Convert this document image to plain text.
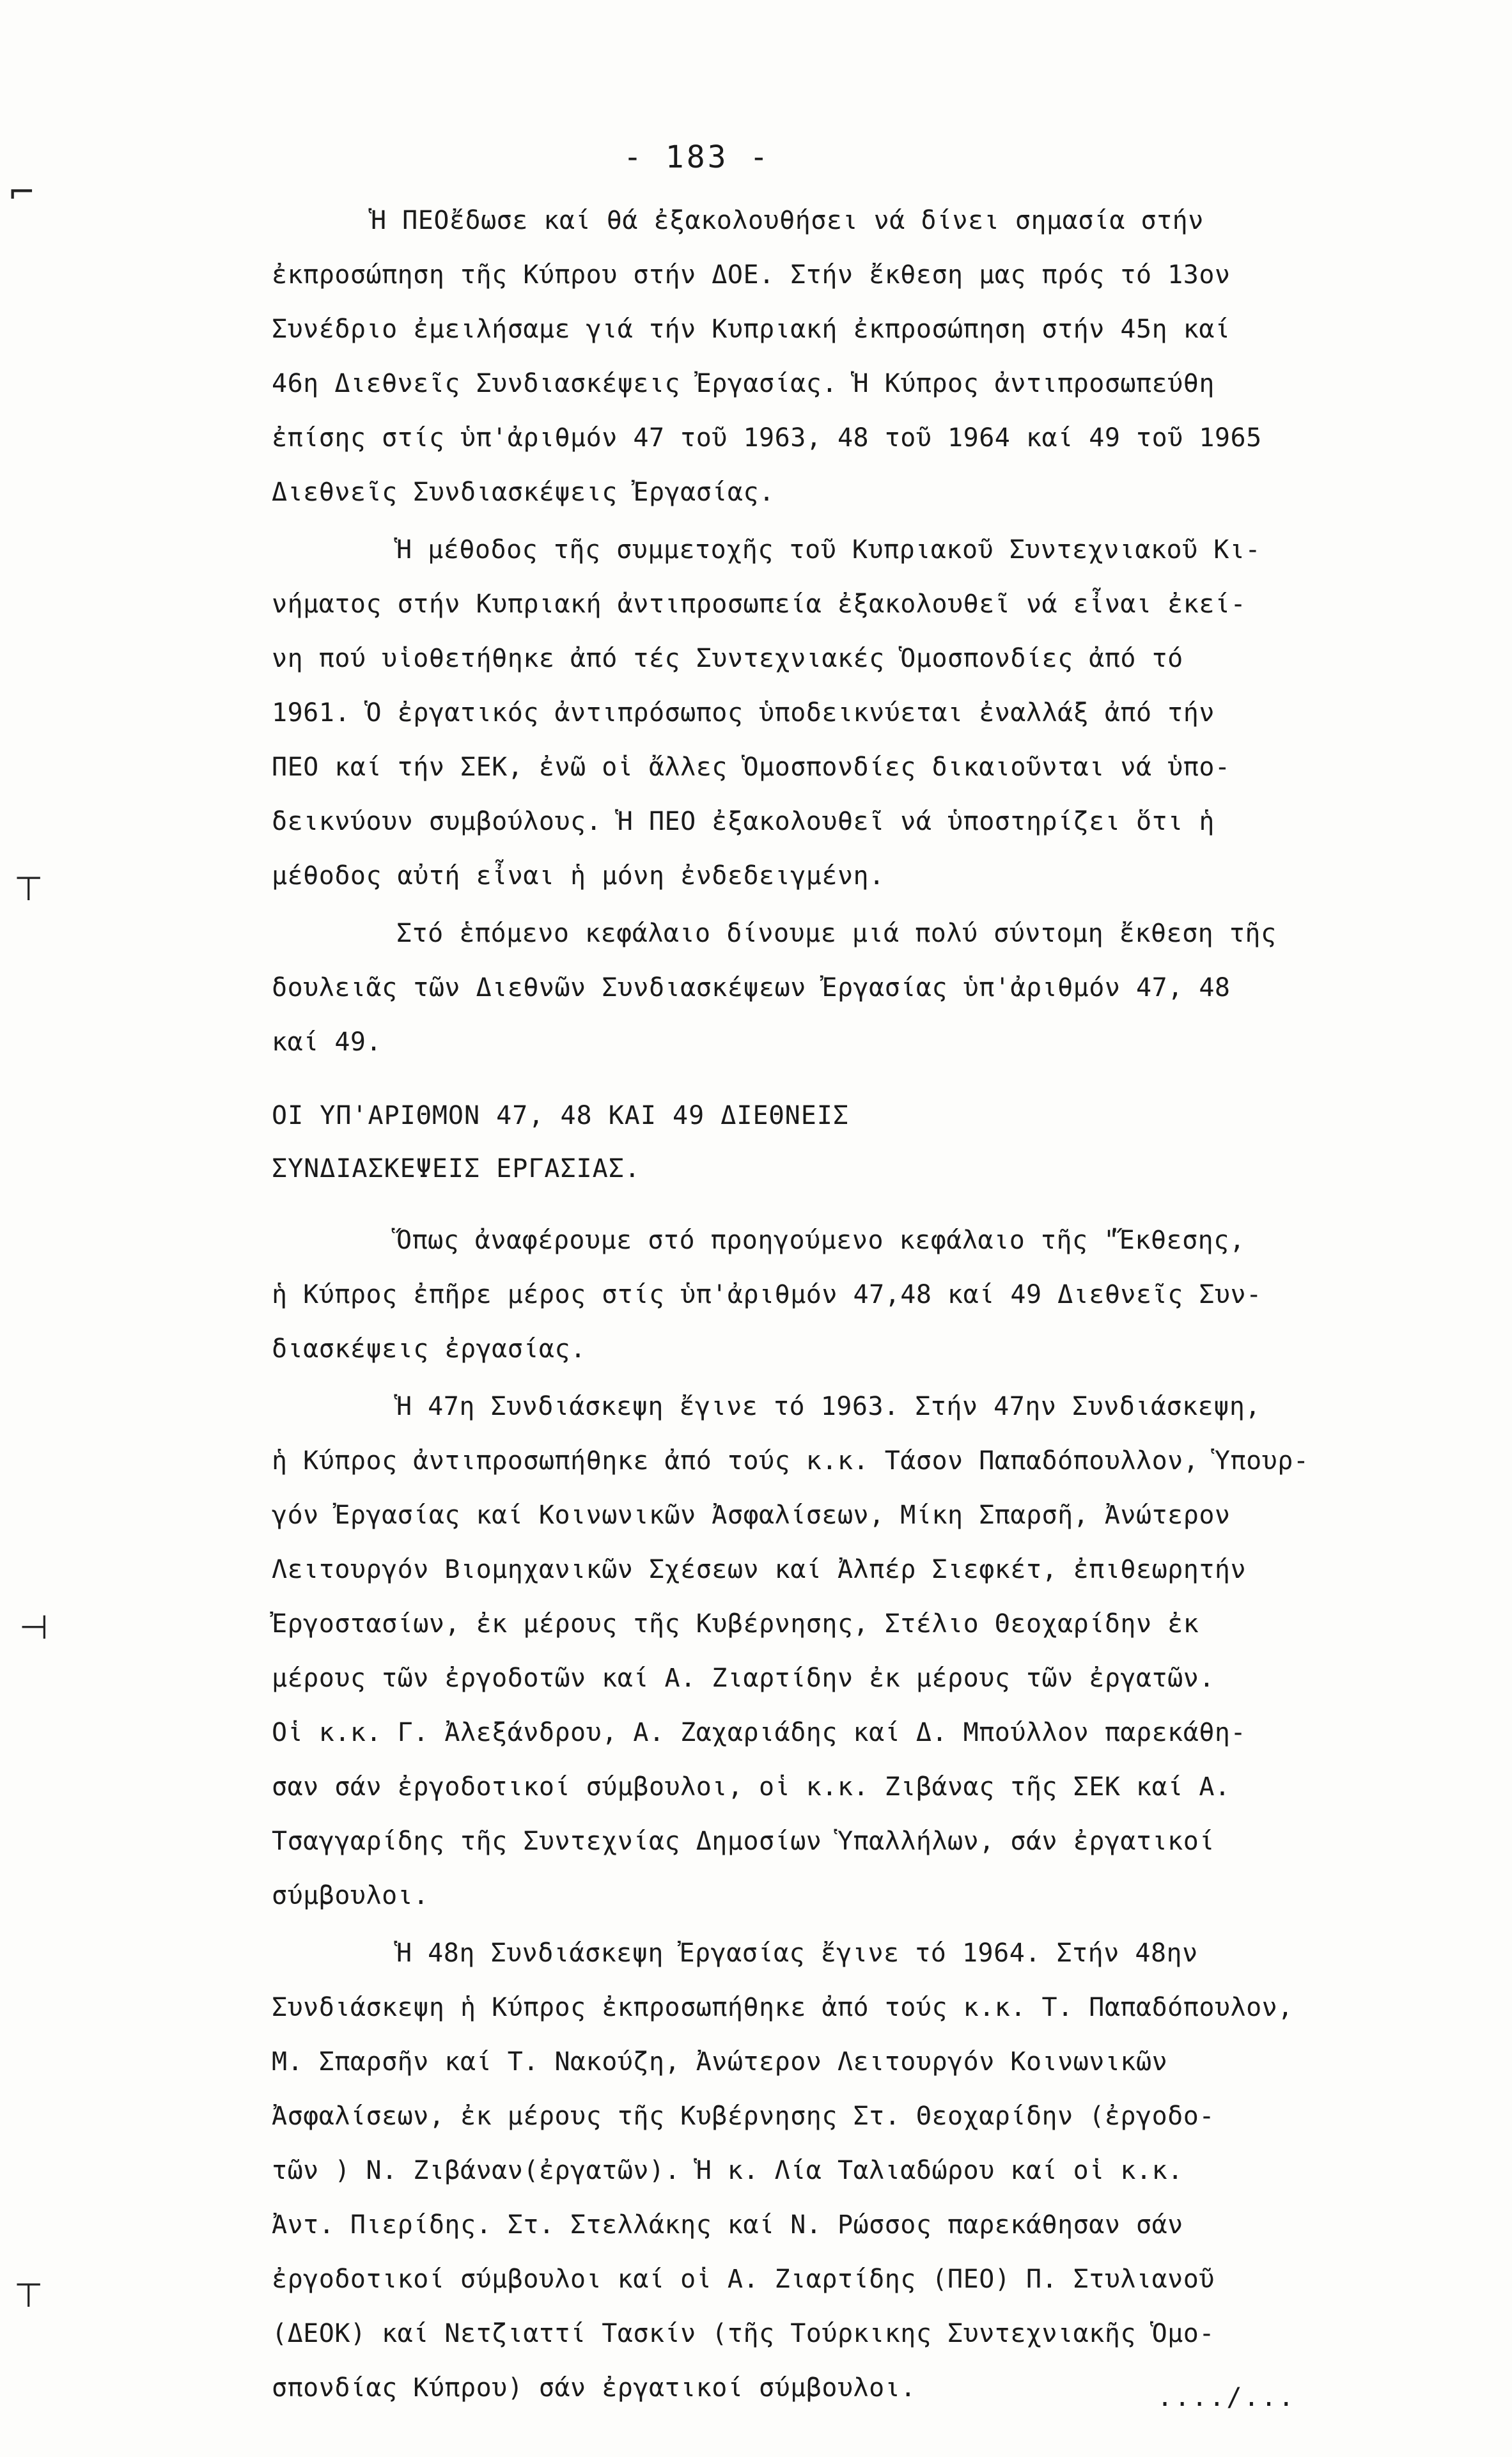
- 183 -

Ἡ ΠΕΟἔδωσε καί θά ἐξακολουθήσει νά δίνει σημασία στήν

ἐκπροσώπηση τῆς Κύπρου στήν ΔΟΕ. Στήν ἔκθεση μας πρός τό 13ον

Συνέδριο ἐμειλήσαμε γιά τήν Κυπριακή ἐκπροσώπηση στήν 45η καί

46η Διεθνεῖς Συνδιασκέψεις Ἐργασίας. Ἡ Κύπρος ἀντιπροσωπεύθη

ἐπίσης στίς ὑπ'ἀριθμόν 47 τοῦ 1963, 48 τοῦ 1964 καί 49 τοῦ 1965

Διεθνεῖς Συνδιασκέψεις Ἐργασίας.

Ἡ μέθοδος τῆς συμμετοχῆς τοῦ Κυπριακοῦ Συντεχνιακοῦ Κι-

νήματος στήν Κυπριακή ἀντιπροσωπεία ἐξακολουθεῖ νά εἶναι ἐκεί-

νη πού υἱοθετήθηκε ἀπό τές Συντεχνιακές Ὁμοσπονδίες ἀπό τό

1961. Ὁ ἐργατικός ἀντιπρόσωπος ὑποδεικνύεται ἐναλλάξ ἀπό τήν

ΠΕΟ καί τήν ΣΕΚ, ἐνῶ οἱ ἄλλες Ὁμοσπονδίες δικαιοῦνται νά ὑπο-

δεικνύουν συμβούλους. Ἡ ΠΕΟ ἐξακολουθεῖ νά ὑποστηρίζει ὅτι ἡ

μέθοδος αὐτή εἶναι ἡ μόνη ἐνδεδειγμένη.

Στό ἑπόμενο κεφάλαιο δίνουμε μιά πολύ σύντομη ἔκθεση τῆς

δουλειᾶς τῶν Διεθνῶν Συνδιασκέψεων Ἐργασίας ὑπ'ἀριθμόν 47, 48

καί 49.

ΟΙ ΥΠ'ΑΡΙΘΜΟΝ 47, 48 ΚΑΙ 49 ΔΙΕΘΝΕΙΣ

ΣΥΝΔΙΑΣΚΕΨΕΙΣ ΕΡΓΑΣΙΑΣ.

Ὅπως ἀναφέρουμε στό προηγούμενο κεφάλαιο τῆς "Ἔκθεσης,

ἡ Κύπρος ἐπῆρε μέρος στίς ὑπ'ἀριθμόν 47,48 καί 49 Διεθνεῖς Συν-

διασκέψεις ἐργασίας.

Ἡ 47η Συνδιάσκεψη ἔγινε τό 1963. Στήν 47ην Συνδιάσκεψη,

ἡ Κύπρος ἀντιπροσωπήθηκε ἀπό τούς κ.κ. Τάσον Παπαδόπουλλον, Ὑπουρ-

γόν Ἐργασίας καί Κοινωνικῶν Ἀσφαλίσεων, Μίκη Σπαρσῆ, Ἀνώτερον

Λειτουργόν Βιομηχανικῶν Σχέσεων καί Ἀλπέρ Σιεφκέτ, ἐπιθεωρητήν

Ἐργοστασίων, ἐκ μέρους τῆς Κυβέρνησης, Στέλιο Θεοχαρίδην ἐκ

μέρους τῶν ἐργοδοτῶν καί Α. Ζιαρτίδην ἐκ μέρους τῶν ἐργατῶν.

Οἱ κ.κ. Γ. Ἀλεξάνδρου, Α. Ζαχαριάδης καί Δ. Μπούλλον παρεκάθη-

σαν σάν ἐργοδοτικοί σύμβουλοι, οἱ κ.κ. Ζιβάνας τῆς ΣΕΚ καί Α.

Τσαγγαρίδης τῆς Συντεχνίας Δημοσίων Ὑπαλλήλων, σάν ἐργατικοί

σύμβουλοι.

Ἡ 48η Συνδιάσκεψη Ἐργασίας ἔγινε τό 1964. Στήν 48ην

Συνδιάσκεψη ἡ Κύπρος ἐκπροσωπήθηκε ἀπό τούς κ.κ. Τ. Παπαδόπουλον,

Μ. Σπαρσῆν καί Τ. Νακούζη, Ἀνώτερον Λειτουργόν Κοινωνικῶν

Ἀσφαλίσεων, ἐκ μέρους τῆς Κυβέρνησης Στ. Θεοχαρίδην (ἐργοδο-

τῶν ) Ν. Ζιβάναν(ἐργατῶν). Ἡ κ. Λία Ταλιαδώρου καί οἱ κ.κ.

Ἀντ. Πιερίδης. Στ. Στελλάκης καί Ν. Ρώσσος παρεκάθησαν σάν

ἐργοδοτικοί σύμβουλοι καί οἱ Α. Ζιαρτίδης (ΠΕΟ) Π. Στυλιανοῦ

(ΔΕΟΚ) καί Νετζιαττί Τασκίν (τῆς Τούρκικης Συντεχνιακῆς Ὁμο-

σπονδίας Κύπρου) σάν ἐργατικοί σύμβουλοι.	..../...

⌐
⊤
⊣
⊤
